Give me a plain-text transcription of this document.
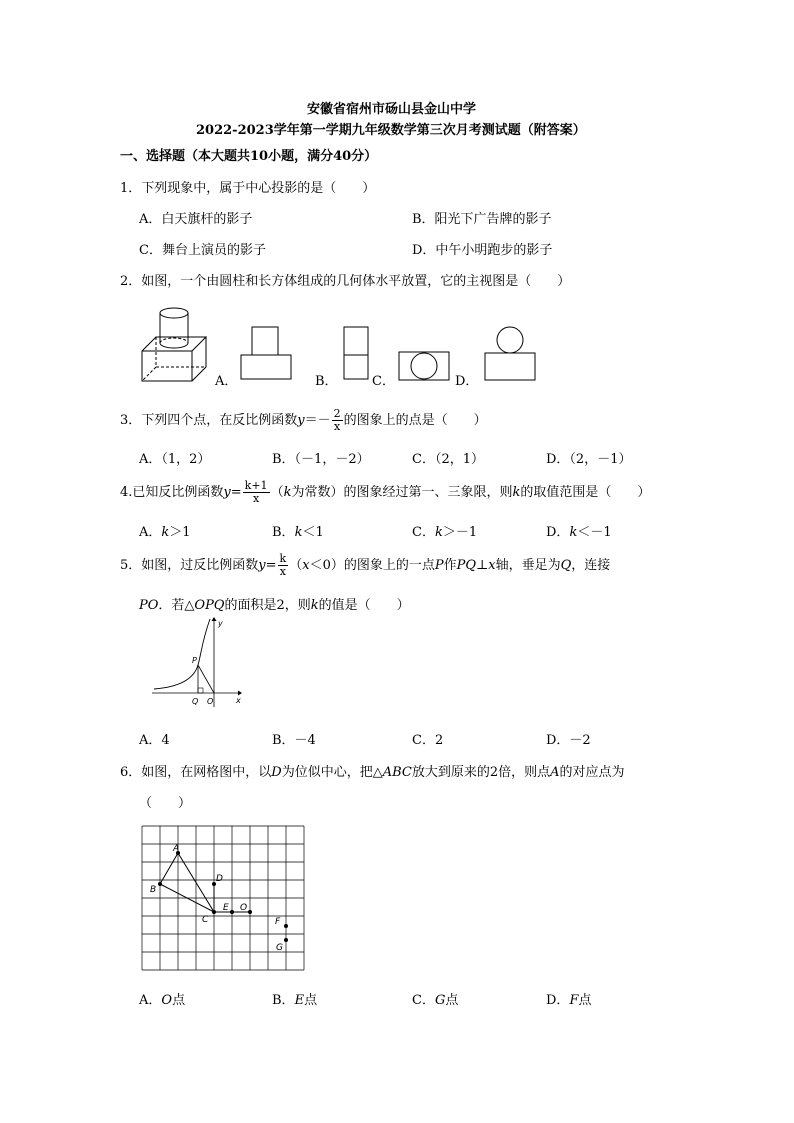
安徽省宿州市砀山县金山中学
2022-2023学年第一学期九年级数学第三次月考测试题（附答案）
一、选择题（本大题共10小题，满分40分）
1．下列现象中，属于中心投影的是（　　）
A．白天旗杆的影子	B．阳光下广告牌的影子
C．舞台上演员的影子	D．中午小明跑步的影子
2．如图，一个由圆柱和长方体组成的几何体水平放置，它的主视图是（　　）
A．	B．	C．	D．
3．下列四个点，在反比例函数$y=- \frac{2}{x}$ 的图象上的点是（　　）
A．（1，2）	B．（－1，－2）	C．（2，1）	D．（2，－1）
4.已知反比例函数$y= \frac{k+1}{x} (k$为常数）的图象经过第一、三象限，则k的取值范围是（　　）
A．k＞1	B．k＜1	C．k＞－1	D．k＜－1
5．如图，过反比例函数$y= \frac{k}{x} (x<0)$的图象上的一点P作PQ⊥x轴，垂足为Q，连接
PO．若△OPQ的面积是2，则k的值是（　　）
y
x
P
Q O
A．4	B．－4	C．2	D．－2
6．如图，在网格图中，以D为位似中心，把△ABC放大到原来的2倍，则点A的对应点为
（　　）
A
B
C
D
E O
F
G
A．O点	B．E点	C．G点	D．F点
